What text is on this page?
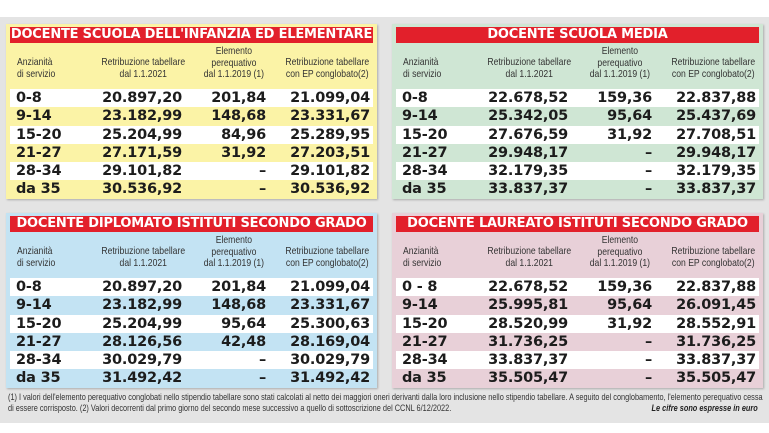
DOCENTE SCUOLA DELL'INFANZIA ED ELEMENTARE
Anzianità
di servizio
Retribuzione tabellare
dal 1.1.2021
Elemento
perequativo
dal 1.1.2019 (1)
Retribuzione tabellare
con EP conglobato(2)
0-8	20.897,20 201,84 21.099,04
9-14	23.182,99 148,68 23.331,67
15-20	25.204,99	84,96 25.289,95
21-27	27.171,59	31,92 27.203,51
28-34	29.101,82	– 29.101,82
da 35	30.536,92	– 30.536,92
DOCENTE SCUOLA MEDIA
Anzianità
di servizio
Retribuzione tabellare
dal 1.1.2021
Elemento
perequativo
dal 1.1.2019 (1)
Retribuzione tabellare
con EP conglobato(2)
0-8	22.678,52 159,36 22.837,88
9-14	25.342,05	95,64 25.437,69
15-20	27.676,59	31,92 27.708,51
21-27	29.948,17	– 29.948,17
28-34	32.179,35	– 32.179,35
da 35	33.837,37	– 33.837,37
DOCENTE DIPLOMATO ISTITUTI SECONDO GRADO
Anzianità
di servizio
Retribuzione tabellare
dal 1.1.2021
Elemento
perequativo
dal 1.1.2019 (1)
Retribuzione tabellare
con EP conglobato(2)
0-8	20.897,20 201,84 21.099,04
9-14	23.182,99 148,68 23.331,67
15-20	25.204,99	95,64 25.300,63
21-27	28.126,56	42,48 28.169,04
28-34	30.029,79	– 30.029,79
da 35	31.492,42	– 31.492,42
DOCENTE LAUREATO ISTITUTI SECONDO GRADO
Anzianità
di servizio
Retribuzione tabellare
dal 1.1.2021
Elemento
perequativo
dal 1.1.2019 (1)
Retribuzione tabellare
con EP conglobato(2)
0 - 8	22.678,52 159,36 22.837,88
9-14	25.995,81	95,64 26.091,45
15-20	28.520,99	31,92 28.552,91
21-27	31.736,25	– 31.736,25
28-34	33.837,37	– 33.837,37
da 35	35.505,47	– 35.505,47
(1) I valori dell'elemento perequativo conglobati nello stipendio tabellare sono stati calcolati al netto dei maggiori oneri derivanti dalla loro inclusione nello stipendio tabellare. A seguito del conglobamento, l'elemento perequativo cessa
di essere corrisposto. (2) Valori decorrenti dal primo giorno del secondo mese successivo a quello di sottoscrizione del CCNL 6/12/2022.	Le cifre sono espresse in euro
